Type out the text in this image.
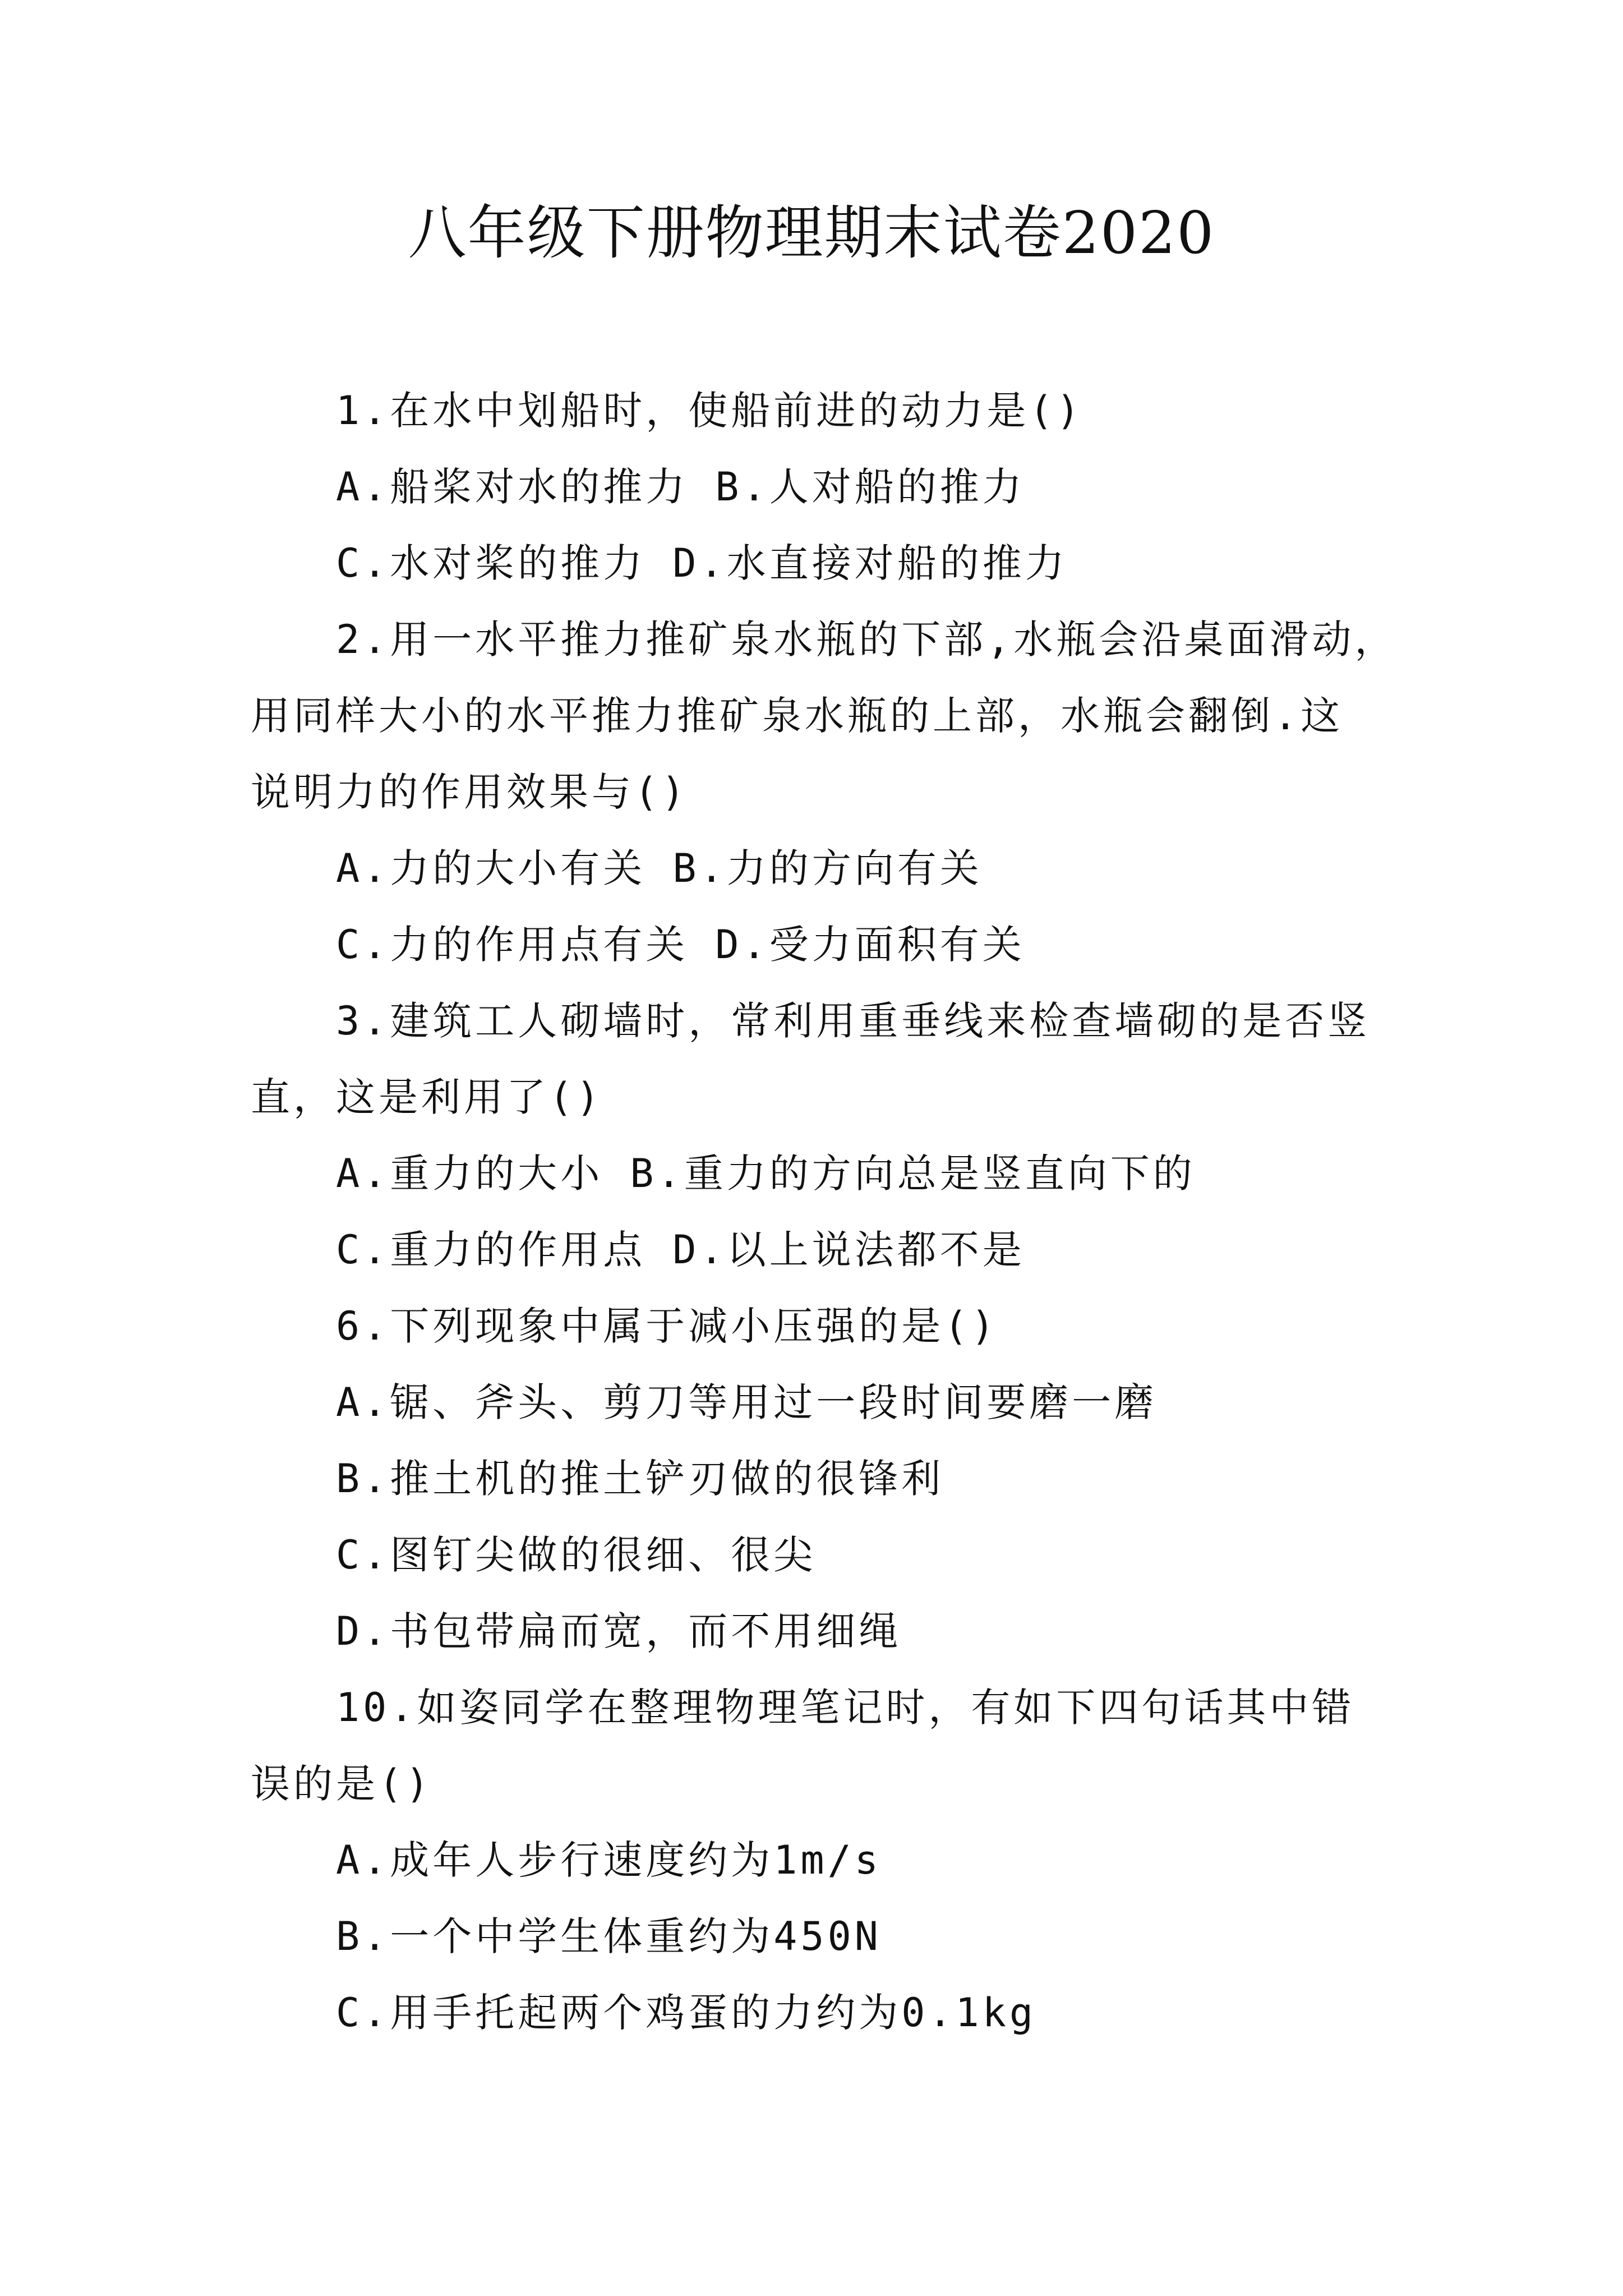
八年级下册物理期末试卷2020
1.在水中划船时，使船前进的动力是()
A.船桨对水的推力 B.人对船的推力
C.水对桨的推力 D.水直接对船的推力
2.用一水平推力推矿泉水瓶的下部,水瓶会沿桌面滑动，
用同样大小的水平推力推矿泉水瓶的上部，水瓶会翻倒.这
说明力的作用效果与()
A.力的大小有关 B.力的方向有关
C.力的作用点有关 D.受力面积有关
3.建筑工人砌墙时，常利用重垂线来检查墙砌的是否竖
直，这是利用了()
A.重力的大小 B.重力的方向总是竖直向下的
C.重力的作用点 D.以上说法都不是
6.下列现象中属于减小压强的是()
A.锯、斧头、剪刀等用过一段时间要磨一磨
B.推土机的推土铲刃做的很锋利
C.图钉尖做的很细、很尖
D.书包带扁而宽，而不用细绳
10.如姿同学在整理物理笔记时，有如下四句话其中错
误的是()
A.成年人步行速度约为1m/s
B.一个中学生体重约为450N
C.用手托起两个鸡蛋的力约为0.1kg
